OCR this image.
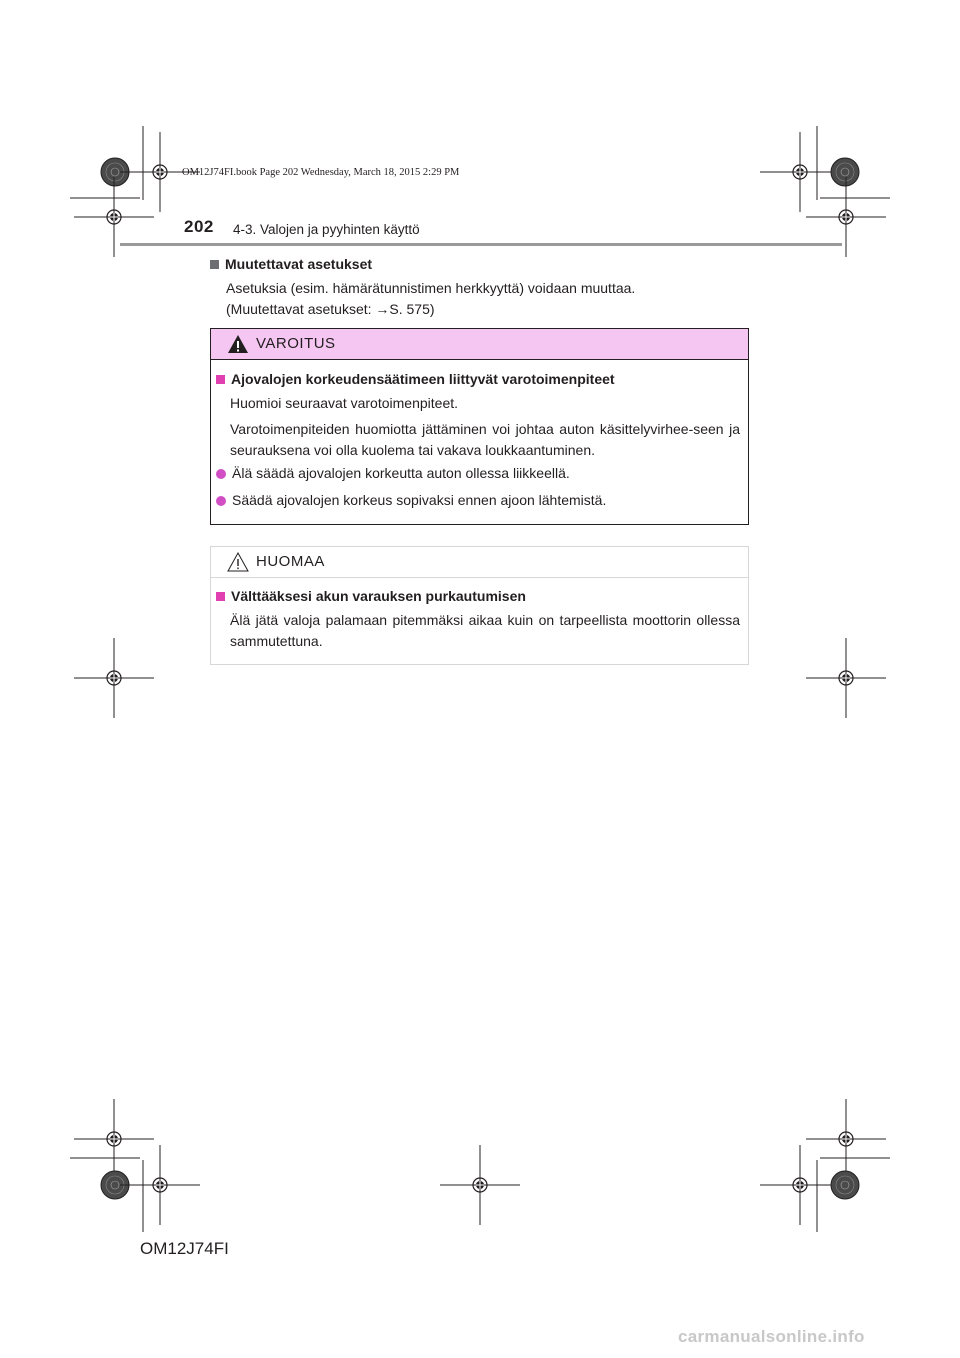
OM12J74FI.book Page 202 Wednesday, March 18, 2015 2:29 PM
202 4-3. Valojen ja pyyhinten käyttö
Muutettavat asetukset

Asetuksia (esim. hämärätunnistimen herkkyyttä) voidaan muuttaa.

(Muutettavat asetukset: →S. 575)

VAROITUS
Ajovalojen korkeudensäätimeen liittyvät varotoimenpiteet

Huomioi seuraavat varotoimenpiteet.

Varotoimenpiteiden huomiotta jättäminen voi johtaa auton käsittelyvirhee-seen ja seurauksena voi olla kuolema tai vakava loukkaantuminen.

Älä säädä ajovalojen korkeutta auton ollessa liikkeellä.
Säädä ajovalojen korkeus sopivaksi ennen ajoon lähtemistä.
HUOMAA
Välttääksesi akun varauksen purkautumisen

Älä jätä valoja palamaan pitemmäksi aikaa kuin on tarpeellista moottorin ollessa sammutettuna.

OM12J74FI
carmanualsonline.info
